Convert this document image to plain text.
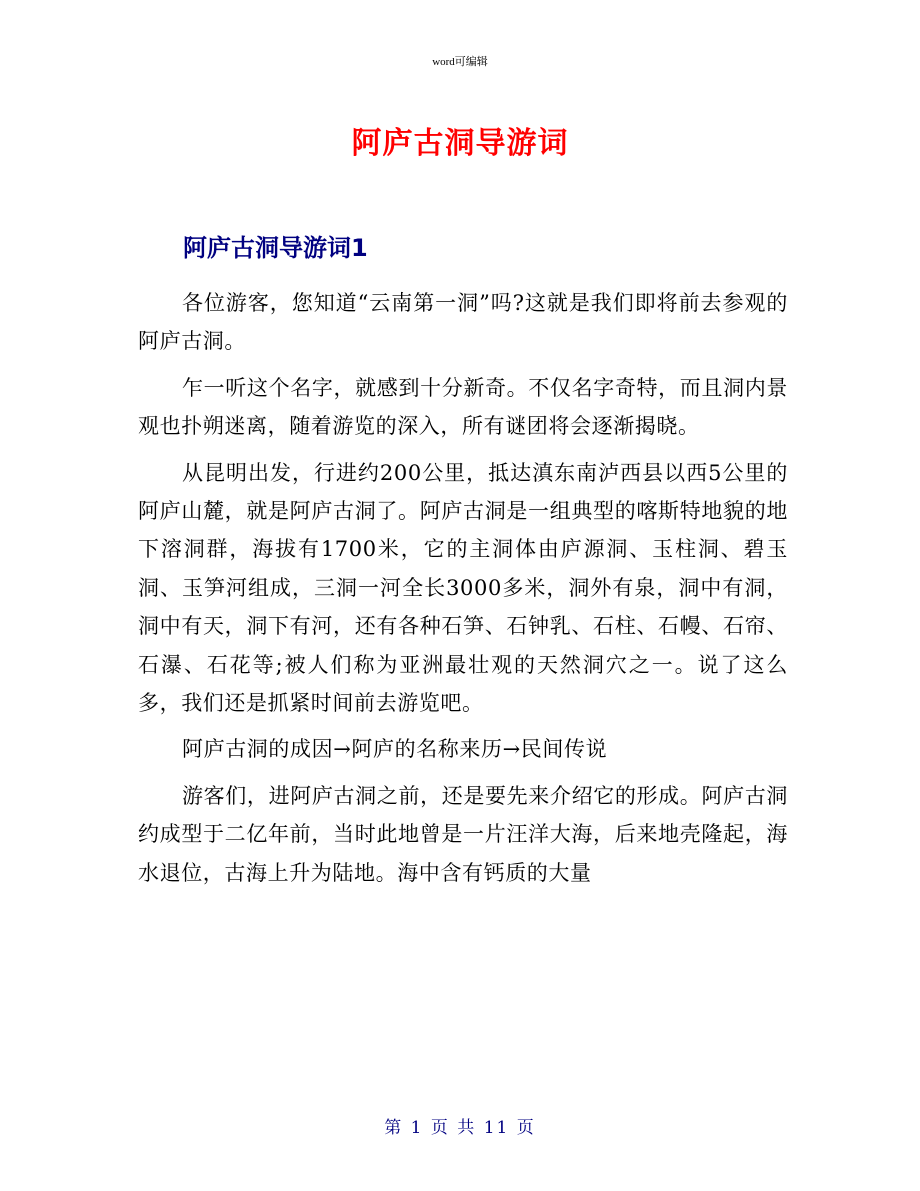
word可编辑
阿庐古洞导游词
阿庐古洞导游词1

各位游客，您知道“云南第一洞”吗?这就是我们即将前去参观的阿庐古洞。

乍一听这个名字，就感到十分新奇。不仅名字奇特，而且洞内景观也扑朔迷离，随着游览的深入，所有谜团将会逐渐揭晓。

从昆明出发，行进约200公里，抵达滇东南泸西县以西5公里的阿庐山麓，就是阿庐古洞了。阿庐古洞是一组典型的喀斯特地貌的地下溶洞群，海拔有1700米，它的主洞体由庐源洞、玉柱洞、碧玉洞、玉笋河组成，三洞一河全长3000多米，洞外有泉，洞中有洞，洞中有天，洞下有河，还有各种石笋、石钟乳、石柱、石幔、石帘、石瀑、石花等;被人们称为亚洲最壮观的天然洞穴之一。说了这么多，我们还是抓紧时间前去游览吧。

阿庐古洞的成因→阿庐的名称来历→民间传说

游客们，进阿庐古洞之前，还是要先来介绍它的形成。阿庐古洞约成型于二亿年前，当时此地曾是一片汪洋大海，后来地壳隆起，海水退位，古海上升为陆地。海中含有钙质的大量

第 1 页 共 11 页
